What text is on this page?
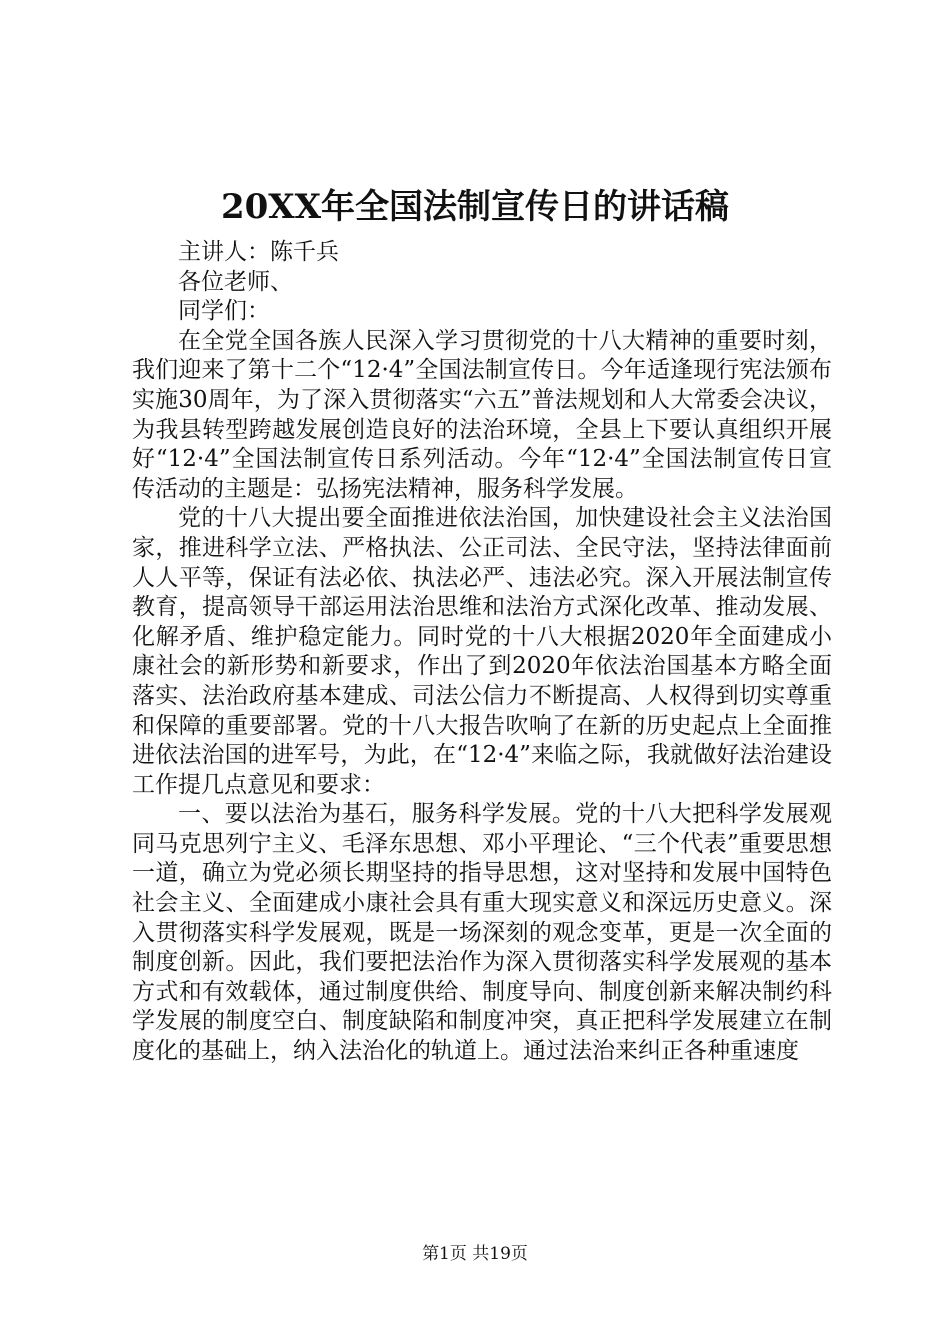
20XX年全国法制宣传日的讲话稿

主讲人：陈千兵

各位老师、

同学们：

在全党全国各族人民深入学习贯彻党的十八大精神的重要时刻，我们迎来了第十二个“12·4”全国法制宣传日。今年适逢现行宪法颁布实施30周年，为了深入贯彻落实“六五”普法规划和人大常委会决议，为我县转型跨越发展创造良好的法治环境，全县上下要认真组织开展好“12·4”全国法制宣传日系列活动。今年“12·4”全国法制宣传日宣传活动的主题是：弘扬宪法精神，服务科学发展。

党的十八大提出要全面推进依法治国，加快建设社会主义法治国家，推进科学立法、严格执法、公正司法、全民守法，坚持法律面前人人平等，保证有法必依、执法必严、违法必究。深入开展法制宣传教育，提高领导干部运用法治思维和法治方式深化改革、推动发展、化解矛盾、维护稳定能力。同时党的十八大根据2020年全面建成小康社会的新形势和新要求，作出了到2020年依法治国基本方略全面落实、法治政府基本建成、司法公信力不断提高、人权得到切实尊重和保障的重要部署。党的十八大报告吹响了在新的历史起点上全面推进依法治国的进军号，为此，在“12·4”来临之际，我就做好法治建设工作提几点意见和要求：

一、要以法治为基石，服务科学发展。党的十八大把科学发展观同马克思列宁主义、毛泽东思想、邓小平理论、“三个代表”重要思想一道，确立为党必须长期坚持的指导思想，这对坚持和发展中国特色社会主义、全面建成小康社会具有重大现实意义和深远历史意义。深入贯彻落实科学发展观，既是一场深刻的观念变革，更是一次全面的制度创新。因此，我们要把法治作为深入贯彻落实科学发展观的基本方式和有效载体，通过制度供给、制度导向、制度创新来解决制约科学发展的制度空白、制度缺陷和制度冲突，真正把科学发展建立在制度化的基础上，纳入法治化的轨道上。通过法治来纠正各种重速度

第1页 共19页
